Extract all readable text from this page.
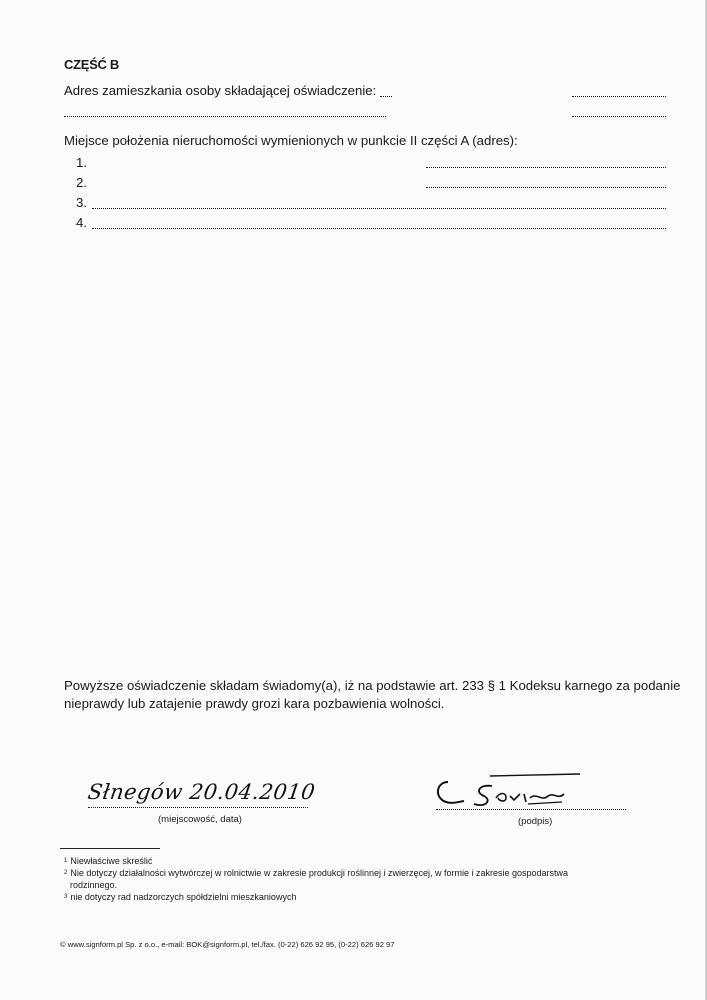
CZĘŚĆ B
Adres zamieszkania osoby składającej oświadczenie:
Miejsce położenia nieruchomości wymienionych w punkcie II części A (adres):
1.
2.
3.
4.
Powyższe oświadczenie składam świadomy(a), iż na podstawie art. 233 § 1 Kodeksu karnego za podanie
nieprawdy lub zatajenie prawdy grozi kara pozbawienia wolności.
Słnegów 20.04.2010
(miejscowość, data)	(podpis)
$^1$ Niewłaściwe skreślić
$^2$ Nie dotyczy działalności wytwórczej w rolnictwie w zakresie produkcji roślinnej i zwierzęcej, w formie i zakresie gospodarstwa
rodzinnego.
$^3$ nie dotyczy rad nadzorczych spółdzielni mieszkaniowych
© www.signform.pl Sp. z o.o., e-mail: BOK@signform.pl, tel./fax. (0-22) 626 92 95, (0-22) 626 92 97
